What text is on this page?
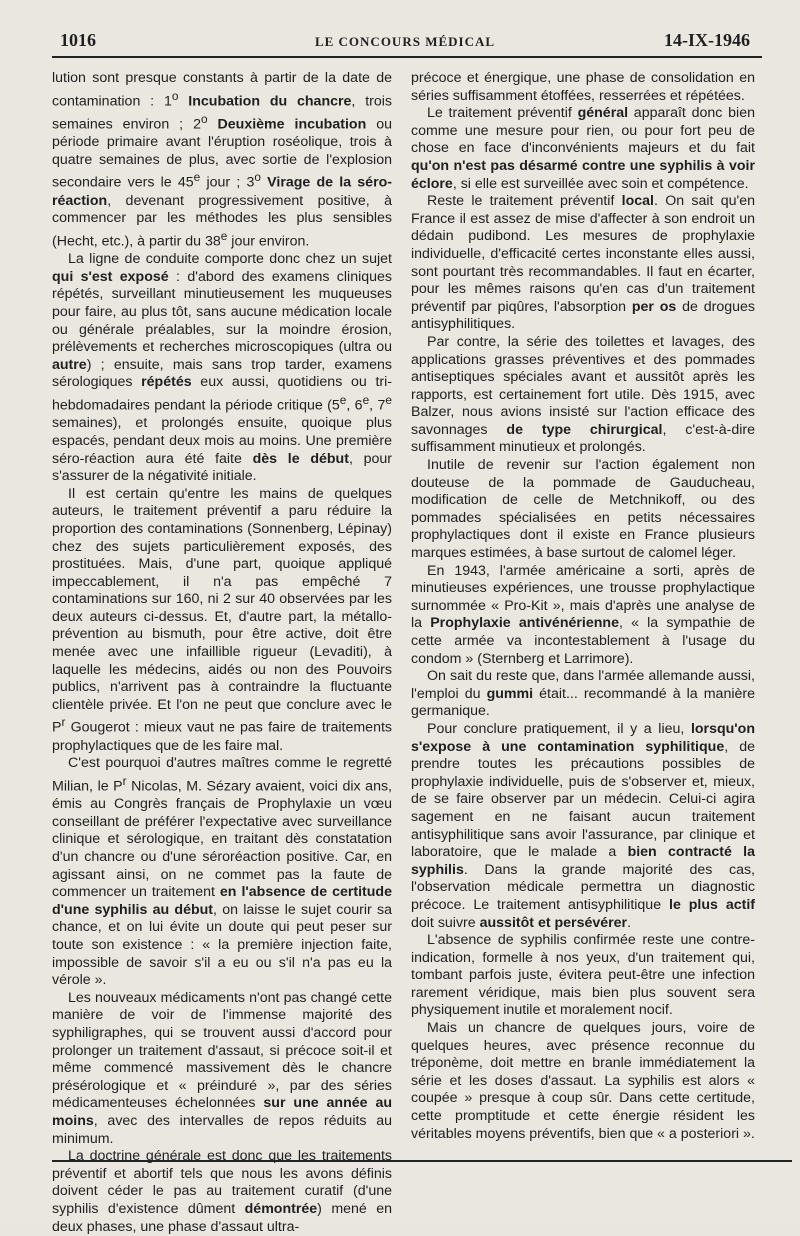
1016	LE CONCOURS MÉDICAL	14-IX-1946

lution sont presque constants à partir de la date de contamination : 1$^o$ Incubation du chancre, trois semaines environ ; 2$^o$ Deuxième incubation ou période primaire avant l'éruption roséolique, trois à quatre semaines de plus, avec sortie de l'explosion secondaire vers le 45e jour ; 3$^o$ Virage de la séro-réaction, devenant progressivement positive, à commencer par les méthodes les plus sensibles (Hecht, etc.), à partir du 38e jour environ.

La ligne de conduite comporte donc chez un sujet qui s'est exposé : d'abord des examens cliniques répétés, surveillant minutieusement les muqueuses pour faire, au plus tôt, sans aucune médication locale ou générale préalables, sur la moindre érosion, prélèvements et recherches microscopiques (ultra ou autre) ; ensuite, mais sans trop tarder, examens sérologiques répétés eux aussi, quotidiens ou tri-hebdomadaires pendant la période critique (5e, 6e, 7e semaines), et prolongés ensuite, quoique plus espacés, pendant deux mois au moins. Une première séro-réaction aura été faite dès le début, pour s'assurer de la négativité initiale.

Il est certain qu'entre les mains de quelques auteurs, le traitement préventif a paru réduire la proportion des contaminations (Sonnenberg, Lépinay) chez des sujets particulièrement exposés, des prostituées. Mais, d'une part, quoique appliqué impeccablement, il n'a pas empêché 7 contaminations sur 160, ni 2 sur 40 observées par les deux auteurs ci-dessus. Et, d'autre part, la métallo-prévention au bismuth, pour être active, doit être menée avec une infaillible rigueur (Levaditi), à laquelle les médecins, aidés ou non des Pouvoirs publics, n'arrivent pas à contraindre la fluctuante clientèle privée. Et l'on ne peut que conclure avec le $P^r$ Gougerot : mieux vaut ne pas faire de traitements prophylactiques que de les faire mal.

C'est pourquoi d'autres maîtres comme le regretté Milian, le $P^r$ Nicolas, M. Sézary avaient, voici dix ans, émis au Congrès français de Prophylaxie un vœu conseillant de préférer l'expectative avec surveillance clinique et sérologique, en traitant dès constatation d'un chancre ou d'une séroréaction positive. Car, en agissant ainsi, on ne commet pas la faute de commencer un traitement en l'absence de certitude d'une syphilis au début, on laisse le sujet courir sa chance, et on lui évite un doute qui peut peser sur toute son existence : « la première injection faite, impossible de savoir s'il a eu ou s'il n'a pas eu la vérole ».

Les nouveaux médicaments n'ont pas changé cette manière de voir de l'immense majorité des syphiligraphes, qui se trouvent aussi d'accord pour prolonger un traitement d'assaut, si précoce soit-il et même commencé massivement dès le chancre présérologique et « préinduré », par des séries médicamenteuses échelonnées sur une année au moins, avec des intervalles de repos réduits au minimum.

La doctrine générale est donc que les traitements préventif et abortif tels que nous les avons définis doivent céder le pas au traitement curatif (d'une syphilis d'existence dûment démontrée) mené en deux phases, une phase d'assaut ultra-

précoce et énergique, une phase de consolidation en séries suffisamment étoffées, resserrées et répétées.

Le traitement préventif général apparaît donc bien comme une mesure pour rien, ou pour fort peu de chose en face d'inconvénients majeurs et du fait qu'on n'est pas désarmé contre une syphilis à voir éclore, si elle est surveillée avec soin et compétence.

Reste le traitement préventif local. On sait qu'en France il est assez de mise d'affecter à son endroit un dédain pudibond. Les mesures de prophylaxie individuelle, d'efficacité certes inconstante elles aussi, sont pourtant très recommandables. Il faut en écarter, pour les mêmes raisons qu'en cas d'un traitement préventif par piqûres, l'absorption per os de drogues antisyphilitiques.

Par contre, la série des toilettes et lavages, des applications grasses préventives et des pommades antiseptiques spéciales avant et aussitôt après les rapports, est certainement fort utile. Dès 1915, avec Balzer, nous avions insisté sur l'action efficace des savonnages de type chirurgical, c'est-à-dire suffisamment minutieux et prolongés.

Inutile de revenir sur l'action également non douteuse de la pommade de Gauducheau, modification de celle de Metchnikoff, ou des pommades spécialisées en petits nécessaires prophylactiques dont il existe en France plusieurs marques estimées, à base surtout de calomel léger.

En 1943, l'armée américaine a sorti, après de minutieuses expériences, une trousse prophylactique surnommée « Pro-Kit », mais d'après une analyse de la Prophylaxie antivénérienne, « la sympathie de cette armée va incontestablement à l'usage du condom » (Sternberg et Larrimore).

On sait du reste que, dans l'armée allemande aussi, l'emploi du gummi était... recommandé à la manière germanique.

Pour conclure pratiquement, il y a lieu, lorsqu'on s'expose à une contamination syphilitique, de prendre toutes les précautions possibles de prophylaxie individuelle, puis de s'observer et, mieux, de se faire observer par un médecin. Celui-ci agira sagement en ne faisant aucun traitement antisyphilitique sans avoir l'assurance, par clinique et laboratoire, que le malade a bien contracté la syphilis. Dans la grande majorité des cas, l'observation médicale permettra un diagnostic précoce. Le traitement antisyphilitique le plus actif doit suivre aussitôt et persévérer.

L'absence de syphilis confirmée reste une contre-indication, formelle à nos yeux, d'un traitement qui, tombant parfois juste, évitera peut-être une infection rarement véridique, mais bien plus souvent sera physiquement inutile et moralement nocif.

Mais un chancre de quelques jours, voire de quelques heures, avec présence reconnue du tréponème, doit mettre en branle immédiatement la série et les doses d'assaut. La syphilis est alors « coupée » presque à coup sûr. Dans cette certitude, cette promptitude et cette énergie résident les véritables moyens préventifs, bien que « a posteriori ».
